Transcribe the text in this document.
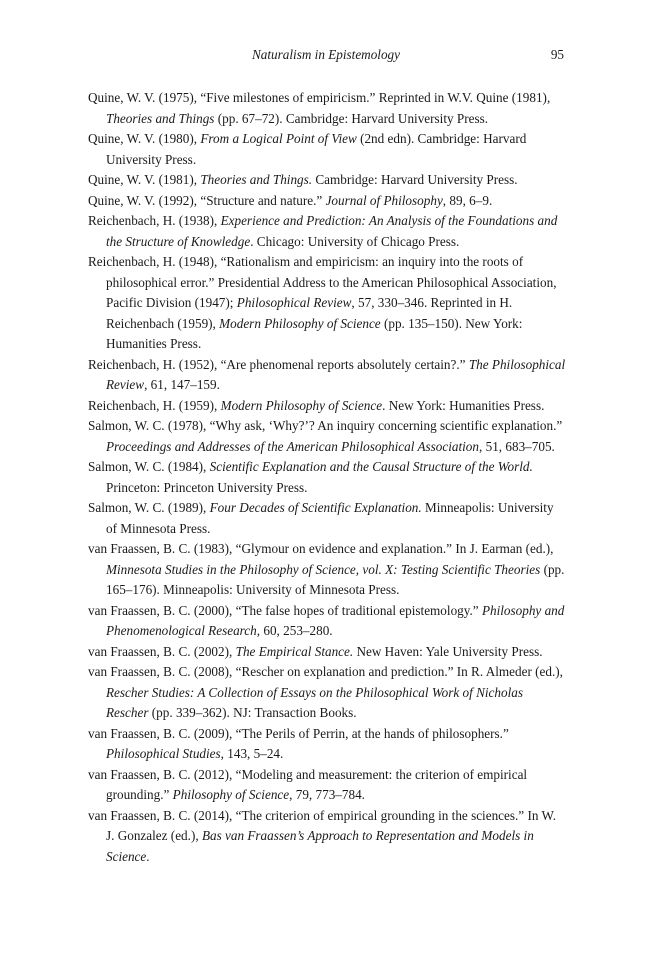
Naturalism in Epistemology	95

Quine, W. V. (1975), “Five milestones of empiricism.” Reprinted in W.V. Quine (1981), Theories and Things (pp. 67–72). Cambridge: Harvard University Press.

Quine, W. V. (1980), From a Logical Point of View (2nd edn). Cambridge: Harvard University Press.

Quine, W. V. (1981), Theories and Things. Cambridge: Harvard University Press.

Quine, W. V. (1992), “Structure and nature.” Journal of Philosophy, 89, 6–9.

Reichenbach, H. (1938), Experience and Prediction: An Analysis of the Foundations and the Structure of Knowledge. Chicago: University of Chicago Press.

Reichenbach, H. (1948), “Rationalism and empiricism: an inquiry into the roots of philosophical error.” Presidential Address to the American Philosophical Association, Pacific Division (1947); Philosophical Review, 57, 330–346. Reprinted in H. Reichenbach (1959), Modern Philosophy of Science (pp. 135–150). New York: Humanities Press.

Reichenbach, H. (1952), “Are phenomenal reports absolutely certain?.” The Philosophical Review, 61, 147–159.

Reichenbach, H. (1959), Modern Philosophy of Science. New York: Humanities Press.

Salmon, W. C. (1978), “Why ask, ‘Why?’? An inquiry concerning scientific explanation.” Proceedings and Addresses of the American Philosophical Association, 51, 683–705.

Salmon, W. C. (1984), Scientific Explanation and the Causal Structure of the World. Princeton: Princeton University Press.

Salmon, W. C. (1989), Four Decades of Scientific Explanation. Minneapolis: University of Minnesota Press.

van Fraassen, B. C. (1983), “Glymour on evidence and explanation.” In J. Earman (ed.), Minnesota Studies in the Philosophy of Science, vol. X: Testing Scientific Theories (pp. 165–176). Minneapolis: University of Minnesota Press.

van Fraassen, B. C. (2000), “The false hopes of traditional epistemology.” Philosophy and Phenomenological Research, 60, 253–280.

van Fraassen, B. C. (2002), The Empirical Stance. New Haven: Yale University Press.

van Fraassen, B. C. (2008), “Rescher on explanation and prediction.” In R. Almeder (ed.), Rescher Studies: A Collection of Essays on the Philosophical Work of Nicholas Rescher (pp. 339–362). NJ: Transaction Books.

van Fraassen, B. C. (2009), “The Perils of Perrin, at the hands of philosophers.” Philosophical Studies, 143, 5–24.

van Fraassen, B. C. (2012), “Modeling and measurement: the criterion of empirical grounding.” Philosophy of Science, 79, 773–784.

van Fraassen, B. C. (2014), “The criterion of empirical grounding in the sciences.” In W. J. Gonzalez (ed.), Bas van Fraassen’s Approach to Representation and Models in Science.
